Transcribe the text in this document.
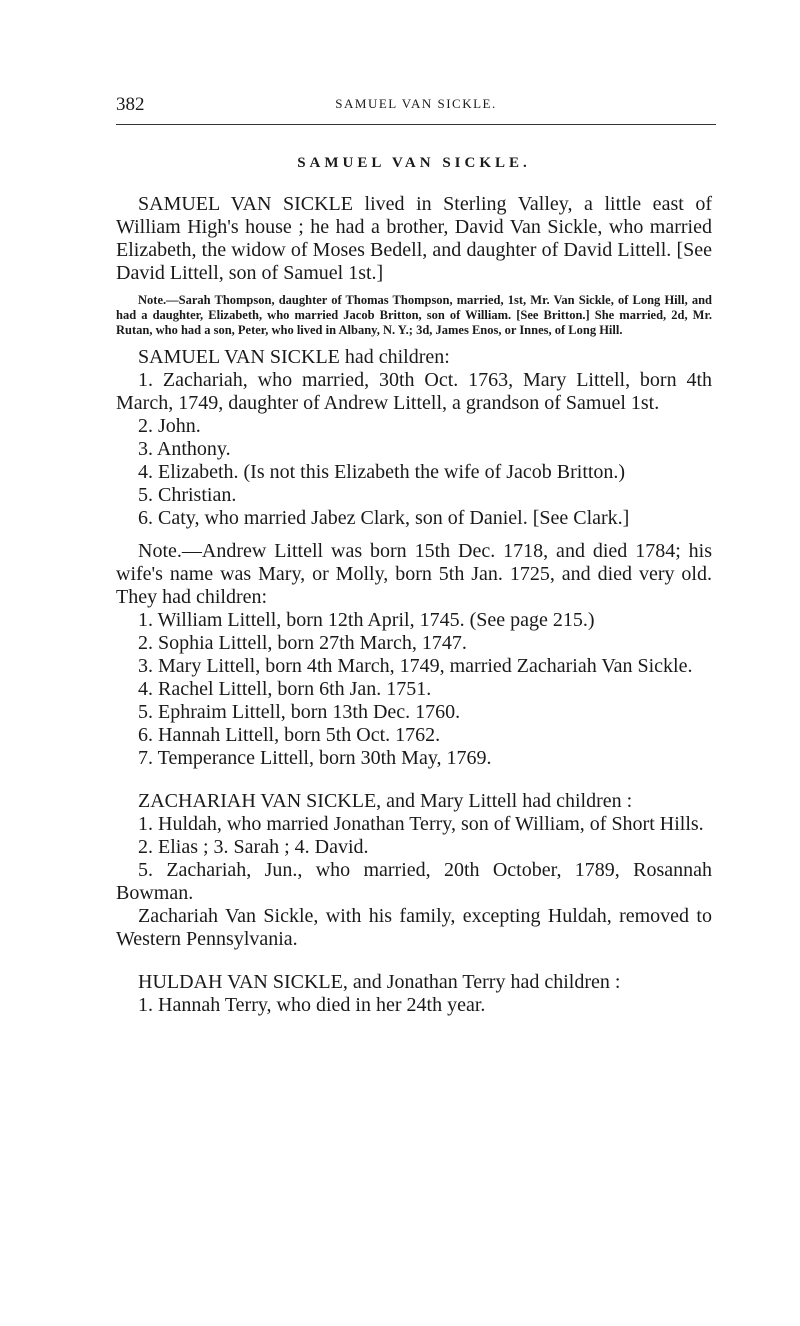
382	SAMUEL VAN SICKLE.
SAMUEL VAN SICKLE.

SAMUEL VAN SICKLE lived in Sterling Valley, a little east of William High's house ; he had a brother, David Van Sickle, who married Elizabeth, the widow of Moses Bedell, and daughter of David Littell. [See David Littell, son of Samuel 1st.]

Note.—Sarah Thompson, daughter of Thomas Thompson, married, 1st, Mr. Van Sickle, of Long Hill, and had a daughter, Elizabeth, who married Jacob Britton, son of William. [See Britton.] She married, 2d, Mr. Rutan, who had a son, Peter, who lived in Albany, N. Y.; 3d, James Enos, or Innes, of Long Hill.

SAMUEL VAN SICKLE had children:

1. Zachariah, who married, 30th Oct. 1763, Mary Littell, born 4th March, 1749, daughter of Andrew Littell, a grandson of Samuel 1st.

2. John.

3. Anthony.

4. Elizabeth. (Is not this Elizabeth the wife of Jacob Britton.)

5. Christian.

6. Caty, who married Jabez Clark, son of Daniel. [See Clark.]

Note.—Andrew Littell was born 15th Dec. 1718, and died 1784; his wife's name was Mary, or Molly, born 5th Jan. 1725, and died very old. They had children:

1. William Littell, born 12th April, 1745. (See page 215.)

2. Sophia Littell, born 27th March, 1747.

3. Mary Littell, born 4th March, 1749, married Zachariah Van Sickle.

4. Rachel Littell, born 6th Jan. 1751.

5. Ephraim Littell, born 13th Dec. 1760.

6. Hannah Littell, born 5th Oct. 1762.

7. Temperance Littell, born 30th May, 1769.

ZACHARIAH VAN SICKLE, and Mary Littell had children :

1. Huldah, who married Jonathan Terry, son of William, of Short Hills.

2. Elias ; 3. Sarah ; 4. David.

5. Zachariah, Jun., who married, 20th October, 1789, Rosannah Bowman.

Zachariah Van Sickle, with his family, excepting Huldah, removed to Western Pennsylvania.

HULDAH VAN SICKLE, and Jonathan Terry had children :

1. Hannah Terry, who died in her 24th year.
